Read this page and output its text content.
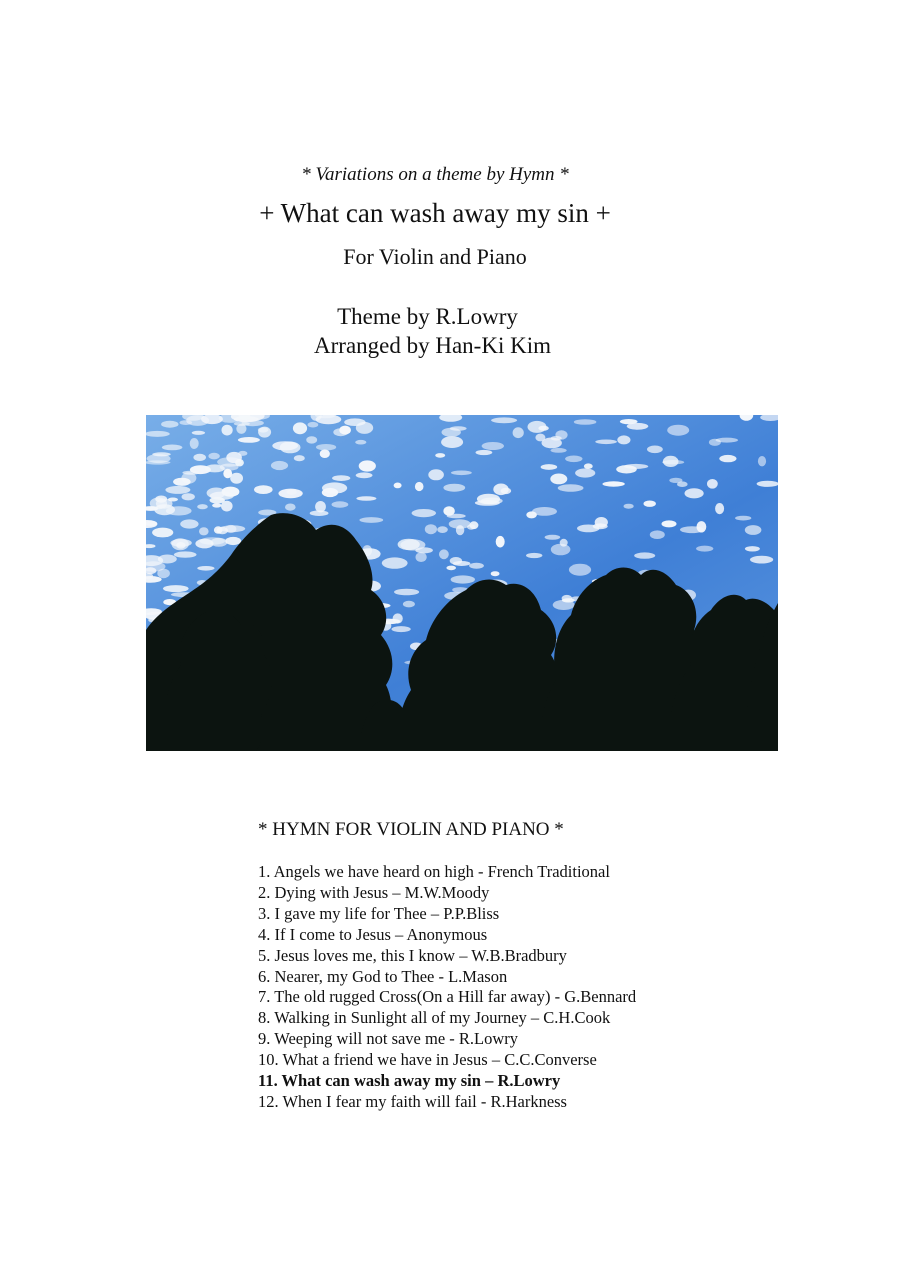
* Variations on a theme by Hymn *
+ What can wash away my sin +
For Violin and Piano
Theme by R.Lowry
Arranged by Han-Ki Kim
* HYMN FOR VIOLIN AND PIANO *
1. Angels we have heard on high - French Traditional
2. Dying with Jesus – M.W.Moody
3. I gave my life for Thee – P.P.Bliss
4. If I come to Jesus – Anonymous
5. Jesus loves me, this I know – W.B.Bradbury
6. Nearer, my God to Thee - L.Mason
7. The old rugged Cross(On a Hill far away) - G.Bennard
8. Walking in Sunlight all of my Journey – C.H.Cook
9. Weeping will not save me - R.Lowry
10. What a friend we have in Jesus – C.C.Converse
11. What can wash away my sin – R.Lowry
12. When I fear my faith will fail - R.Harkness
